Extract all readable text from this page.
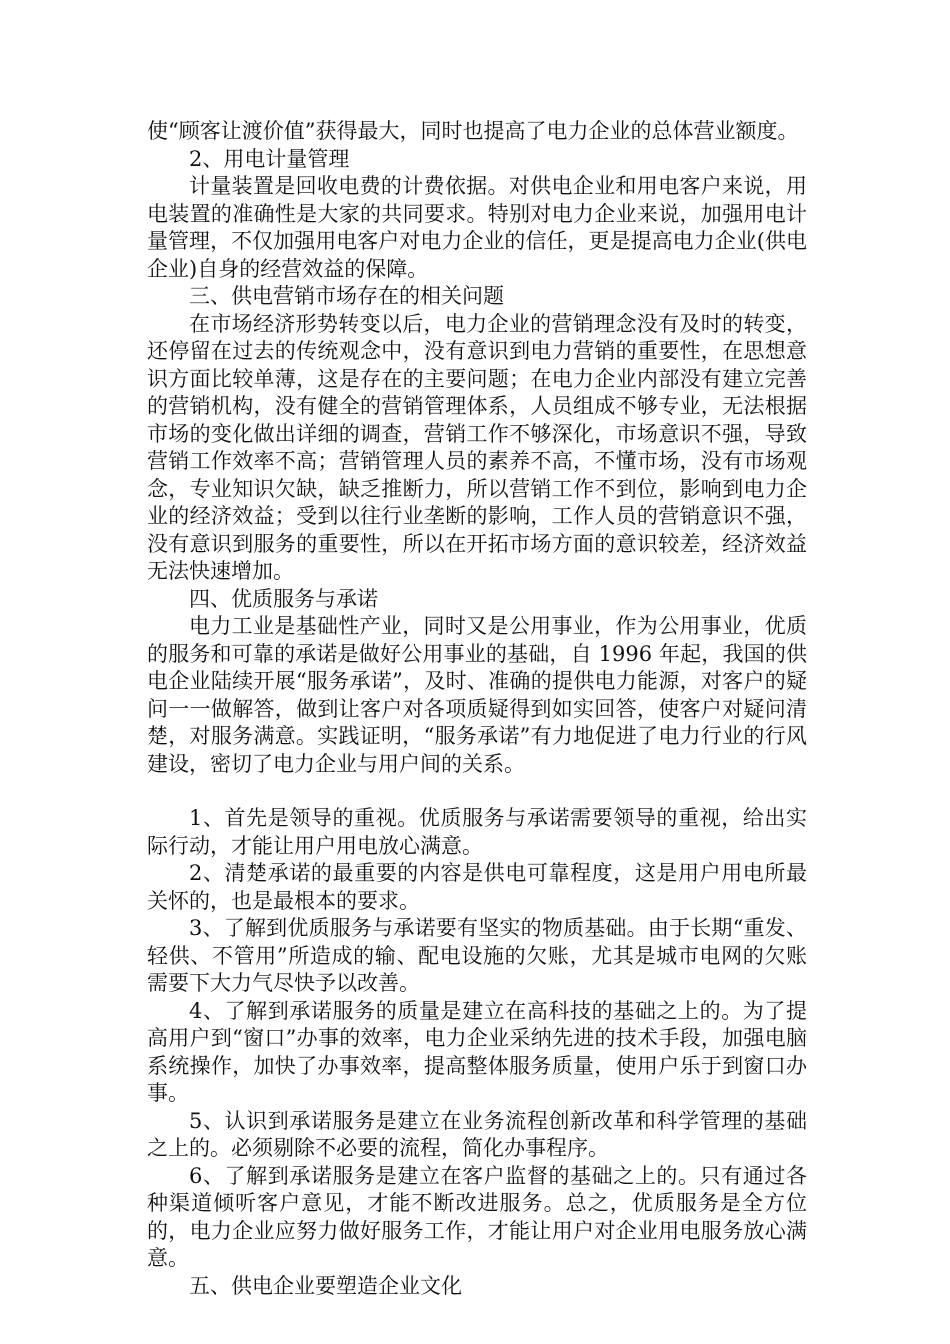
使“顾客让渡价值”获得最大，同时也提高了电力企业的总体营业额度。

2、用电计量管理

计量装置是回收电费的计费依据。对供电企业和用电客户来说，用电装置的准确性是大家的共同要求。特别对电力企业来说，加强用电计量管理，不仅加强用电客户对电力企业的信任，更是提高电力企业(供电企业)自身的经营效益的保障。

三、供电营销市场存在的相关问题

在市场经济形势转变以后，电力企业的营销理念没有及时的转变，还停留在过去的传统观念中，没有意识到电力营销的重要性，在思想意识方面比较单薄，这是存在的主要问题；在电力企业内部没有建立完善的营销机构，没有健全的营销管理体系，人员组成不够专业，无法根据市场的变化做出详细的调查，营销工作不够深化，市场意识不强，导致营销工作效率不高；营销管理人员的素养不高，不懂市场，没有市场观念，专业知识欠缺，缺乏推断力，所以营销工作不到位，影响到电力企业的经济效益；受到以往行业垄断的影响，工作人员的营销意识不强，没有意识到服务的重要性，所以在开拓市场方面的意识较差，经济效益无法快速增加。

四、优质服务与承诺

电力工业是基础性产业，同时又是公用事业，作为公用事业，优质的服务和可靠的承诺是做好公用事业的基础，自 1996 年起，我国的供电企业陆续开展“服务承诺”，及时、准确的提供电力能源，对客户的疑问一一做解答，做到让客户对各项质疑得到如实回答，使客户对疑问清楚，对服务满意。实践证明，“服务承诺”有力地促进了电力行业的行风建设，密切了电力企业与用户间的关系。

1、首先是领导的重视。优质服务与承诺需要领导的重视，给出实际行动，才能让用户用电放心满意。

2、清楚承诺的最重要的内容是供电可靠程度，这是用户用电所最关怀的，也是最根本的要求。

3、了解到优质服务与承诺要有坚实的物质基础。由于长期“重发、轻供、不管用”所造成的输、配电设施的欠账，尤其是城市电网的欠账需要下大力气尽快予以改善。

4、了解到承诺服务的质量是建立在高科技的基础之上的。为了提高用户到“窗口”办事的效率，电力企业采纳先进的技术手段，加强电脑系统操作，加快了办事效率，提高整体服务质量，使用户乐于到窗口办事。

5、认识到承诺服务是建立在业务流程创新改革和科学管理的基础之上的。必须剔除不必要的流程，简化办事程序。

6、了解到承诺服务是建立在客户监督的基础之上的。只有通过各种渠道倾听客户意见，才能不断改进服务。总之，优质服务是全方位的，电力企业应努力做好服务工作，才能让用户对企业用电服务放心满意。

五、供电企业要塑造企业文化
